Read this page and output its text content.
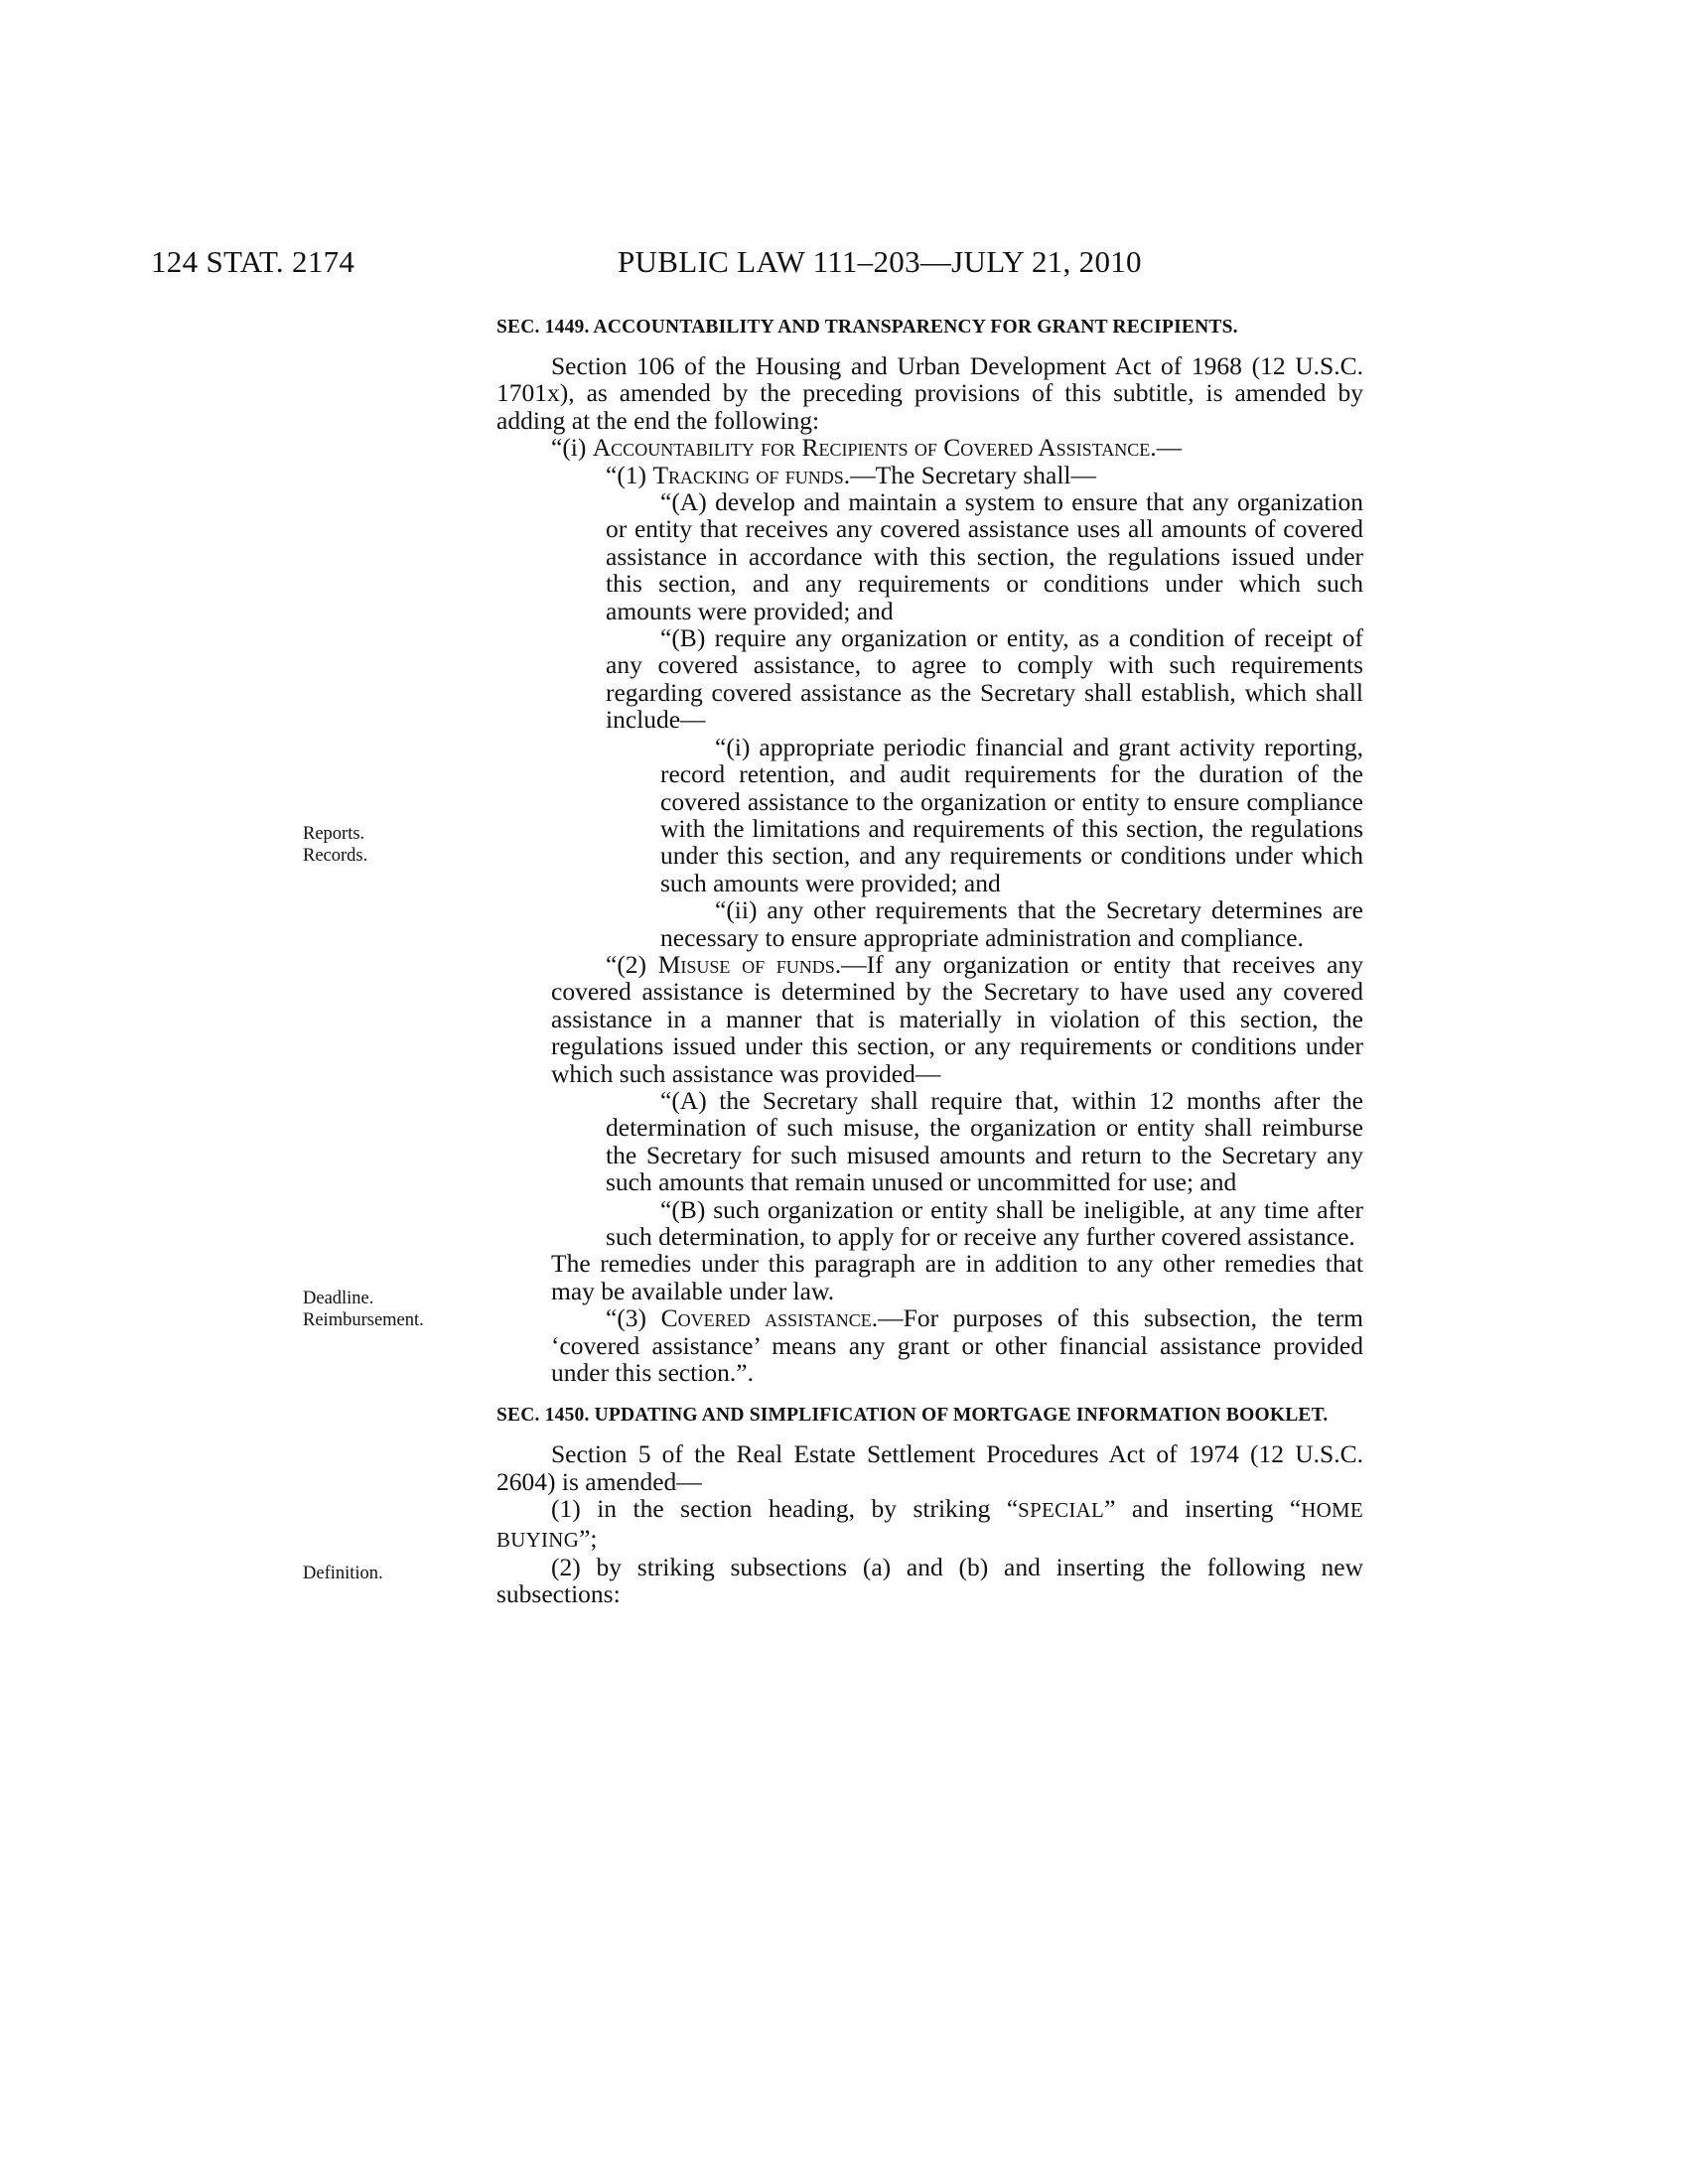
124 STAT. 2174	PUBLIC LAW 111–203—JULY 21, 2010
Reports.
Records.
Deadline.
Reimbursement.
Definition.

SEC. 1449. ACCOUNTABILITY AND TRANSPARENCY FOR GRANT RECIPIENTS.

Section 106 of the Housing and Urban Development Act of 1968 (12 U.S.C. 1701x), as amended by the preceding provisions of this subtitle, is amended by adding at the end the following:

“(i) Accountability for Recipients of Covered Assistance.—

“(1) Tracking of funds.—The Secretary shall—

“(A) develop and maintain a system to ensure that any organization or entity that receives any covered assistance uses all amounts of covered assistance in accordance with this section, the regulations issued under this section, and any requirements or conditions under which such amounts were provided; and

“(B) require any organization or entity, as a condition of receipt of any covered assistance, to agree to comply with such requirements regarding covered assistance as the Secretary shall establish, which shall include—

“(i) appropriate periodic financial and grant activity reporting, record retention, and audit requirements for the duration of the covered assistance to the organization or entity to ensure compliance with the limitations and requirements of this section, the regulations under this section, and any requirements or conditions under which such amounts were provided; and

“(ii) any other requirements that the Secretary determines are necessary to ensure appropriate administration and compliance.

“(2) Misuse of funds.—If any organization or entity that receives any covered assistance is determined by the Secretary to have used any covered assistance in a manner that is materially in violation of this section, the regulations issued under this section, or any requirements or conditions under which such assistance was provided—

“(A) the Secretary shall require that, within 12 months after the determination of such misuse, the organization or entity shall reimburse the Secretary for such misused amounts and return to the Secretary any such amounts that remain unused or uncommitted for use; and

“(B) such organization or entity shall be ineligible, at any time after such determination, to apply for or receive any further covered assistance.

The remedies under this paragraph are in addition to any other remedies that may be available under law.

“(3) Covered assistance.—For purposes of this subsection, the term ‘covered assistance’ means any grant or other financial assistance provided under this section.”.

SEC. 1450. UPDATING AND SIMPLIFICATION OF MORTGAGE INFORMATION BOOKLET.

Section 5 of the Real Estate Settlement Procedures Act of 1974 (12 U.S.C. 2604) is amended—

(1) in the section heading, by striking “SPECIAL” and inserting “HOME BUYING”;

(2) by striking subsections (a) and (b) and inserting the following new subsections:
